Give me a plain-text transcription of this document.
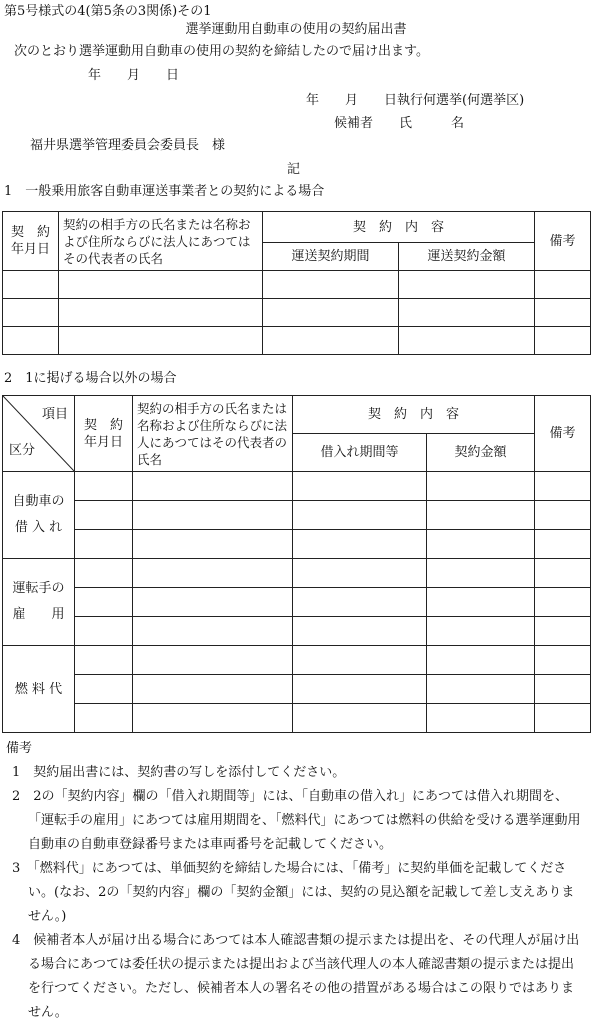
第5号様式の4(第5条の3関係)その1
選挙運動用自動車の使用の契約届出書
次のとおり選挙運動用自動車の使用の契約を締結したので届け出ます。
年　　月　　日
年　　月　　日執行何選挙(何選挙区)
候補者　　氏　　　名
福井県選挙管理委員会委員長　様
記
1　一般乗用旅客自動車運送事業者との契約による場合
契　約 年月日	契約の相手方の氏名または名称および住所ならびに法人にあつてはその代表者の氏名	契　約　内　容		備考
		運送契約期間	運送契約金額	

2　1に掲げる場合以外の場合
項目
区分	契　約 年月日	契約の相手方の氏名または名称および住所ならびに法人にあつてはその代表者の氏名	契　約　内　容		備考
			借入れ期間等	契約金額	
自動車の
借 入 れ					

運転手の
雇　　用					

燃 料 代					

備考

1　契約届出書には、契約書の写しを添付してください。

2　2の「契約内容」欄の「借入れ期間等」には、「自動車の借入れ」にあつては借入れ期間を、「運転手の雇用」にあつては雇用期間を、「燃料代」にあつては燃料の供給を受ける選挙運動用自動車の自動車登録番号または車両番号を記載してください。

3　「燃料代」にあつては、単価契約を締結した場合には、「備考」に契約単価を記載してください。(なお、2の「契約内容」欄の「契約金額」には、契約の見込額を記載して差し支えありません。)

4　候補者本人が届け出る場合にあつては本人確認書類の提示または提出を、その代理人が届け出る場合にあつては委任状の提示または提出および当該代理人の本人確認書類の提示または提出を行つてください。ただし、候補者本人の署名その他の措置がある場合はこの限りではありません。
